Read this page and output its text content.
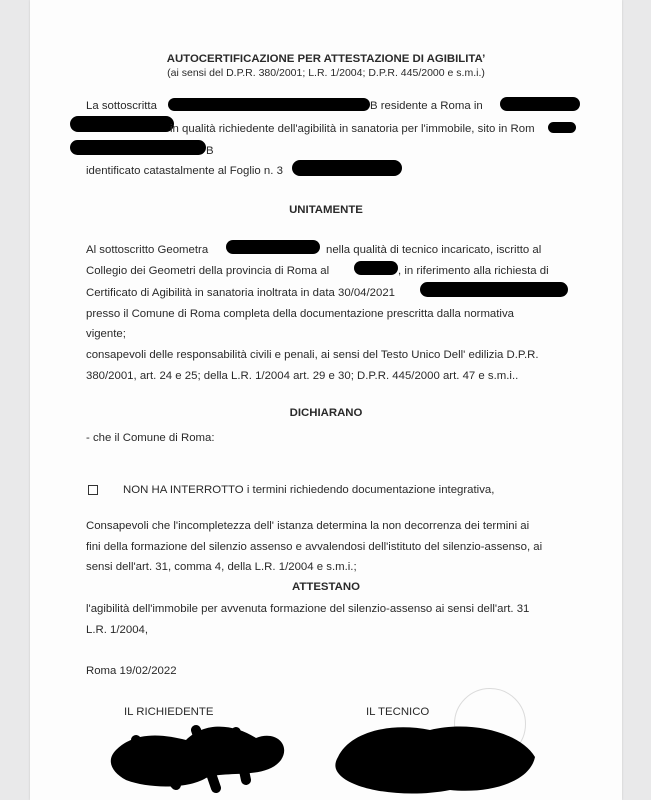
AUTOCERTIFICAZIONE PER ATTESTAZIONE DI AGIBILITA’
(ai sensi del D.P.R. 380/2001; L.R. 1/2004; D.P.R. 445/2000 e s.m.i.)
La sottoscritta	B residente a Roma in
in qualità richiedente dell'agibilità in sanatoria per l'immobile, sito in Rom
B
identificato catastalmente al Foglio n. 3
UNITAMENTE
Al sottoscritto Geometra	nella qualità di tecnico incaricato, iscritto al
Collegio dei Geometri della provincia di Roma al	, in riferimento alla richiesta di
Certificato di Agibilità in sanatoria inoltrata in data 30/04/2021
presso il Comune di Roma completa della documentazione prescritta dalla normativa
vigente;
consapevoli delle responsabilità civili e penali, ai sensi del Testo Unico Dell' edilizia D.P.R.
380/2001, art. 24 e 25; della L.R. 1/2004 art. 29 e 30; D.P.R. 445/2000 art. 47 e s.m.i..
DICHIARANO
- che il Comune di Roma:
NON HA INTERROTTO i termini richiedendo documentazione integrativa,
Consapevoli che l'incompletezza dell' istanza determina la non decorrenza dei termini ai
fini della formazione del silenzio assenso e avvalendosi dell'istituto del silenzio-assenso, ai
sensi dell'art. 31, comma 4, della L.R. 1/2004 e s.m.i.;
ATTESTANO
l'agibilità dell'immobile per avvenuta formazione del silenzio-assenso ai sensi dell'art. 31
L.R. 1/2004,
Roma 19/02/2022
IL RICHIEDENTE	IL TECNICO
